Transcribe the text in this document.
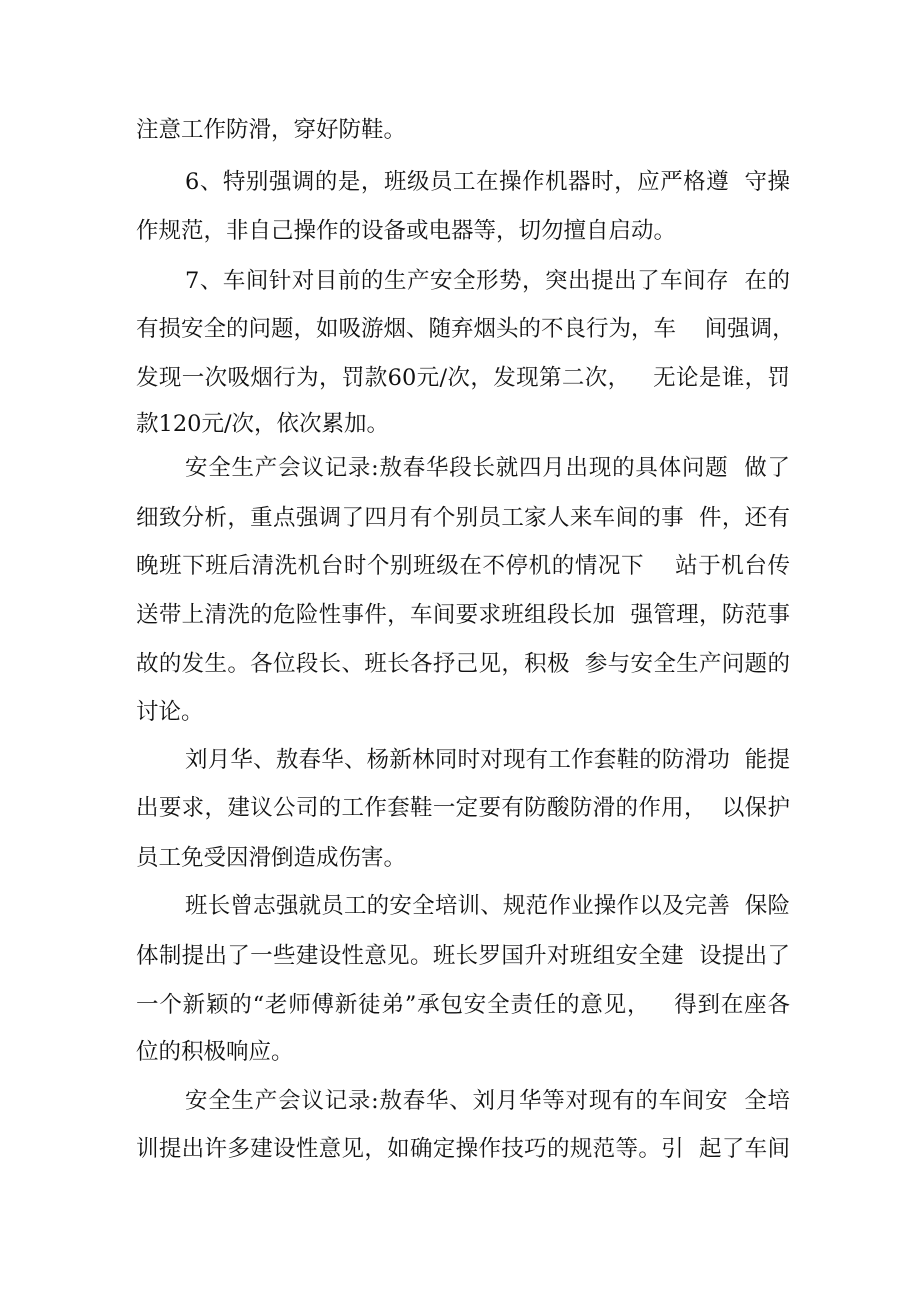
注意工作防滑，穿好防鞋。
6、特别强调的是，班级员工在操作机器时，应严格遵  守操
作规范，非自己操作的设备或电器等，切勿擅自启动。
7、车间针对目前的生产安全形势，突出提出了车间存  在的
有损安全的问题，如吸游烟、随弃烟头的不良行为，车    间强调，
发现一次吸烟行为，罚款60元/次，发现第二次，   无论是谁，罚
款120元/次，依次累加。
安全生产会议记录:敖春华段长就四月出现的具体问题  做了
细致分析，重点强调了四月有个别员工家人来车间的事  件，还有
晚班下班后清洗机台时个别班级在不停机的情况下    站于机台传
送带上清洗的危险性事件，车间要求班组段长加  强管理，防范事
故的发生。各位段长、班长各抒己见，积极  参与安全生产问题的
讨论。
刘月华、敖春华、杨新林同时对现有工作套鞋的防滑功  能提
出要求，建议公司的工作套鞋一定要有防酸防滑的作用，  以保护
员工免受因滑倒造成伤害。
班长曾志强就员工的安全培训、规范作业操作以及完善  保险
体制提出了一些建设性意见。班长罗国升对班组安全建  设提出了
一个新颖的“老师傅新徒弟”承包安全责任的意见，   得到在座各
位的积极响应。
安全生产会议记录:敖春华、刘月华等对现有的车间安  全培
训提出许多建设性意见，如确定操作技巧的规范等。引  起了车间
